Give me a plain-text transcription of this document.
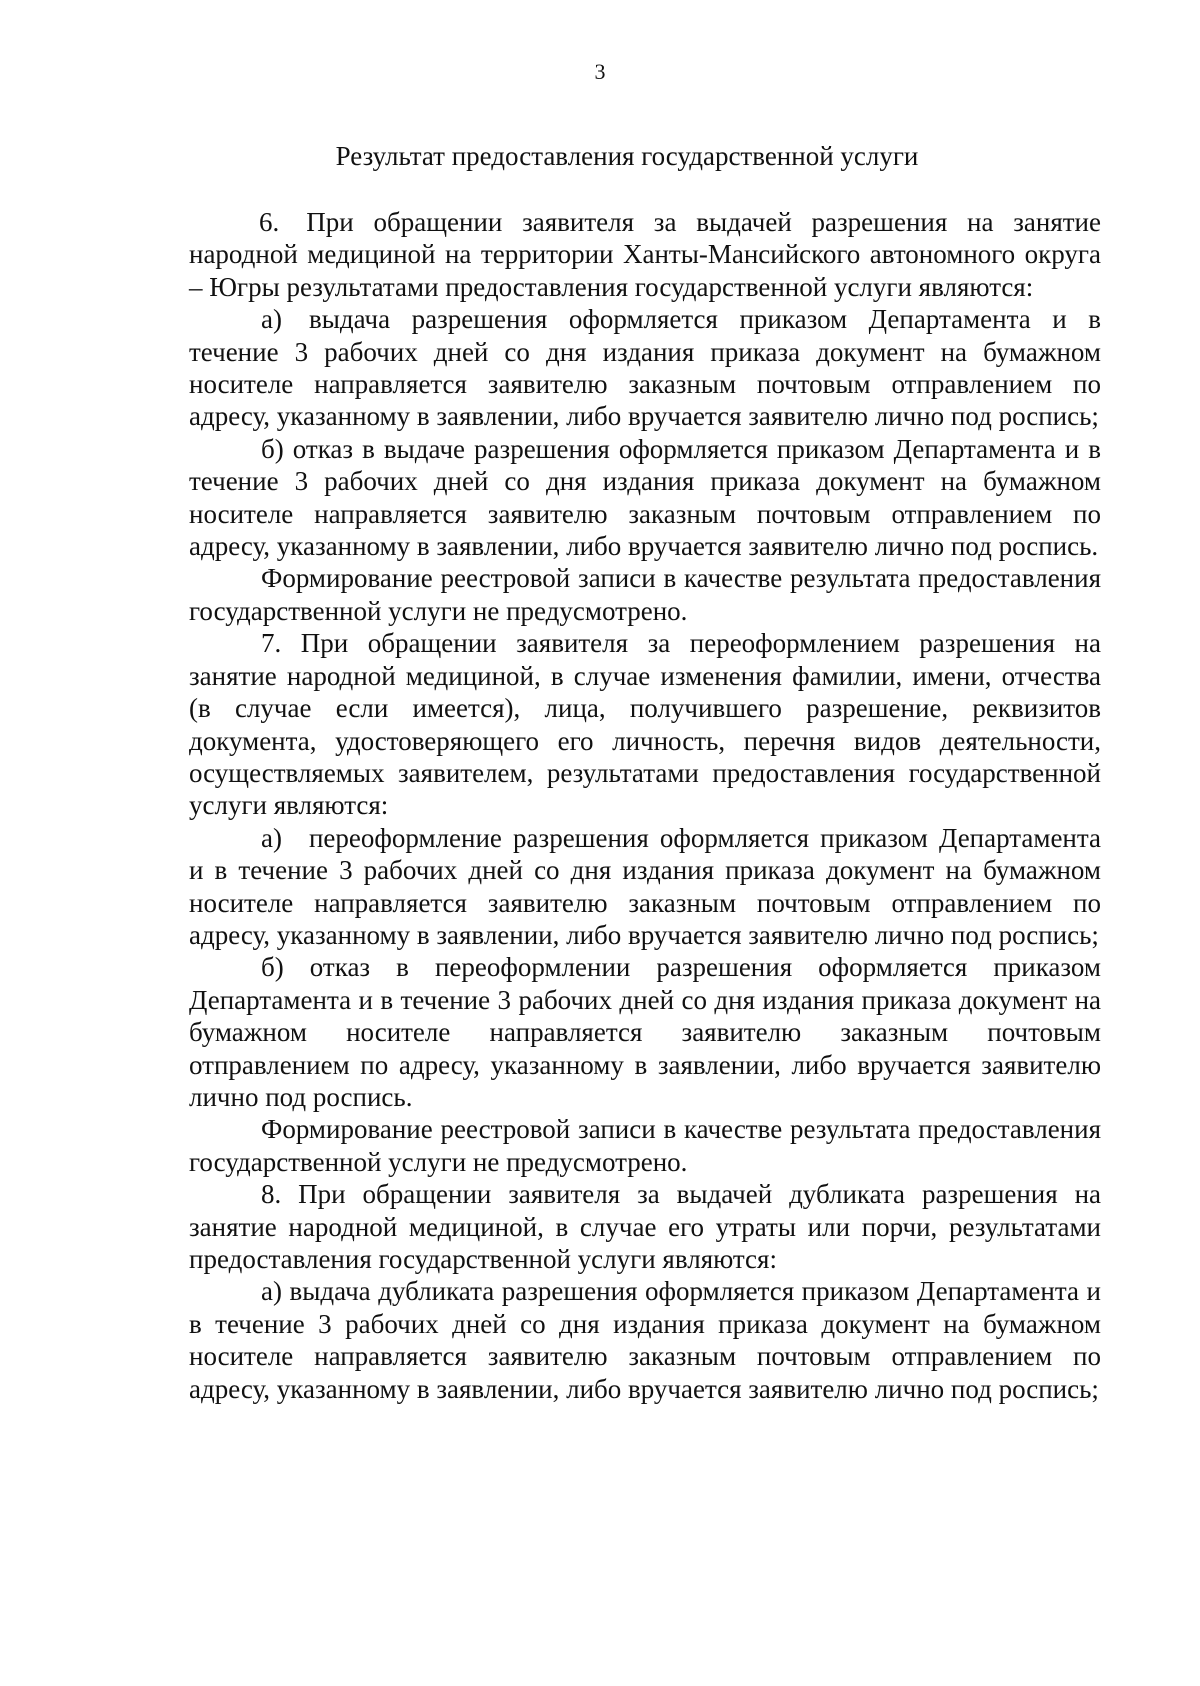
3
Результат предоставления государственной услуги

6. При обращении заявителя за выдачей разрешения на занятие народной медициной на территории Ханты-Мансийского автономного округа – Югры результатами предоставления государственной услуги являются:

а) выдача разрешения оформляется приказом Департамента и в течение 3 рабочих дней со дня издания приказа документ на бумажном носителе направляется заявителю заказным почтовым отправлением по адресу, указанному в заявлении, либо вручается заявителю лично под роспись;

б) отказ в выдаче разрешения оформляется приказом Департамента и в течение 3 рабочих дней со дня издания приказа документ на бумажном носителе направляется заявителю заказным почтовым отправлением по адресу, указанному в заявлении, либо вручается заявителю лично под роспись.

Формирование реестровой записи в качестве результата предоставления государственной услуги не предусмотрено.

7. При обращении заявителя за переоформлением разрешения на занятие народной медициной, в случае изменения фамилии, имени, отчества (в случае если имеется), лица, получившего разрешение, реквизитов документа, удостоверяющего его личность, перечня видов деятельности, осуществляемых заявителем, результатами предоставления государственной услуги являются:

а) переоформление разрешения оформляется приказом Департамента и в течение 3 рабочих дней со дня издания приказа документ на бумажном носителе направляется заявителю заказным почтовым отправлением по адресу, указанному в заявлении, либо вручается заявителю лично под роспись;

б) отказ в переоформлении разрешения оформляется приказом Департамента и в течение 3 рабочих дней со дня издания приказа документ на бумажном носителе направляется заявителю заказным почтовым отправлением по адресу, указанному в заявлении, либо вручается заявителю лично под роспись.

Формирование реестровой записи в качестве результата предоставления государственной услуги не предусмотрено.

8. При обращении заявителя за выдачей дубликата разрешения на занятие народной медициной, в случае его утраты или порчи, результатами предоставления государственной услуги являются:

а) выдача дубликата разрешения оформляется приказом Департамента и в течение 3 рабочих дней со дня издания приказа документ на бумажном носителе направляется заявителю заказным почтовым отправлением по адресу, указанному в заявлении, либо вручается заявителю лично под роспись;
